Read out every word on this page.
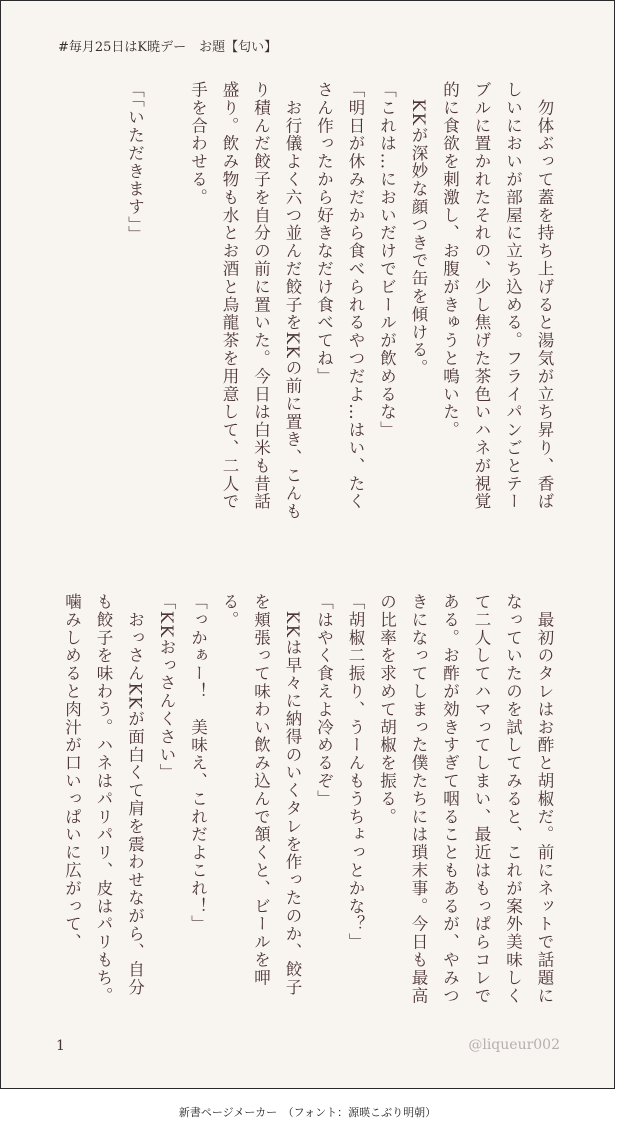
#毎月25日はK暁デー　お題【匂い】

　勿体ぶって蓋を持ち上げると湯気が立ち昇り、香ばしいにおいが部屋に立ち込める。フライパンごとテーブルに置かれたそれの、少し焦げた茶色いハネが視覚的に食欲を刺激し、お腹がきゅうと鳴いた。

　KKが深妙な顔つきで缶を傾ける。

「これは…においだけでビールが飲めるな」

「明日が休みだから食べられるやつだよ…はい、たくさん作ったから好きなだけ食べてね」

　お行儀よく六つ並んだ餃子をKKの前に置き、こんもり積んだ餃子を自分の前に置いた。今日は白米も昔話盛り。飲み物も水とお酒と烏龍茶を用意して、二人で手を合わせる。

「「いただきます」」

　最初のタレはお酢と胡椒だ。前にネットで話題になっていたのを試してみると、これが案外美味しくて二人してハマってしまい、最近はもっぱらコレである。お酢が効きすぎて咽ることもあるが、やみつきになってしまった僕たちには瑣末事。今日も最高の比率を求めて胡椒を振る。

「胡椒二振り、うーんもうちょっとかな？」

「はやく食えよ冷めるぞ」

　KKは早々に納得のいくタレを作ったのか、餃子を頬張って味わい飲み込んで頷くと、ビールを呷る。

「っかぁー！　美味え、これだよこれ！」

「KKおっさんくさい」

　おっさんKKが面白くて肩を震わせながら、自分も餃子を味わう。ハネはパリパリ、皮はパリもち。噛みしめると肉汁が口いっぱいに広がって、

1	@liqueur002
新書ページメーカー　（フォント：源暎こぶり明朝）
